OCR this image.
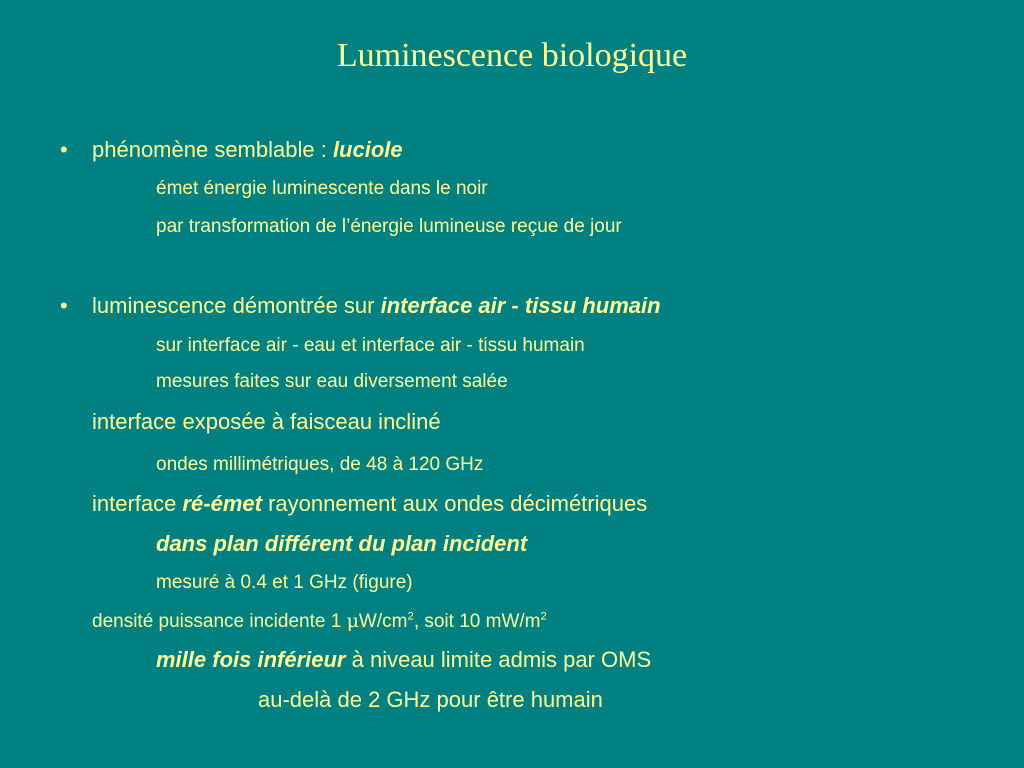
Luminescence biologique
• phénomène semblable : luciole
émet énergie luminescente dans le noir
par transformation de l’énergie lumineuse reçue de jour
• luminescence démontrée sur interface air - tissu humain
sur interface air - eau et interface air - tissu humain
mesures faites sur eau diversement salée
interface exposée à faisceau incliné
ondes millimétriques, de 48 à 120 GHz
interface ré-émet rayonnement aux ondes décimétriques
dans plan différent du plan incident
mesuré à 0.4 et 1 GHz (figure)
densité puissance incidente 1 $\mu W/cm^2$, soit 10 $mW/m^2$
mille fois inférieur à niveau limite admis par OMS
au-delà de 2 GHz pour être humain
